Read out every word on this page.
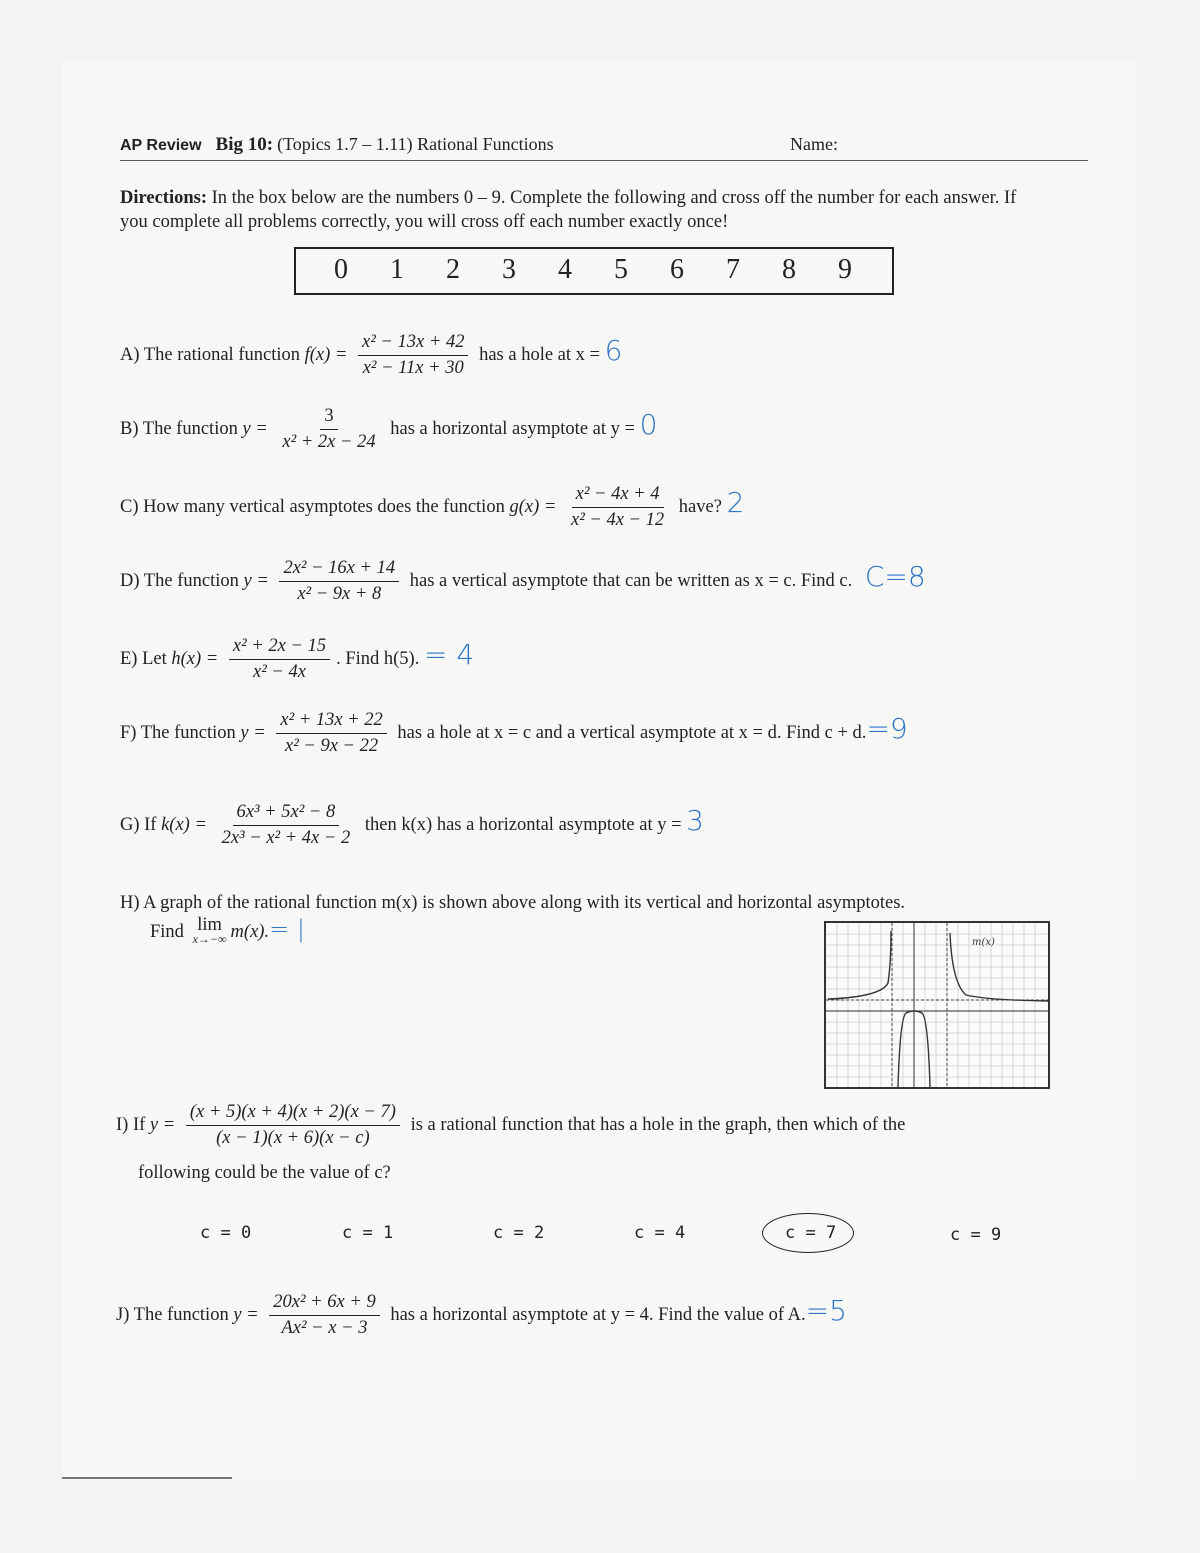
AP Review Big 10: (Topics 1.7 – 1.11) Rational Functions	Name:
Directions: In the box below are the numbers 0 – 9. Complete the following and cross off the number for each answer. If you complete all problems correctly, you will cross off each number exactly once!
0 1 2 3 4 5 6 7 8 9
A) The rational function $f(x) = \frac{\text{x² − 13x + 42}}{\text{x² − 11x + 30}}$ has a hole at x = 6
B) The function $y = \frac{3}{\text{x² + 2x − 24}}$ has a horizontal asymptote at y = 0
C) How many vertical asymptotes does the function $g(x) = \frac{\text{x² − 4x + 4}}{\text{x² − 4x − 12}}$ have? 2
D) The function $y = \frac{\text{2x² − 16x + 14}}{\text{x² − 9x + 8}}$ has a vertical asymptote that can be written as x = c. Find c. C=8
E) Let $h(x) = \frac{\text{x² + 2x − 15}}{\text{x² − 4x}}$ . Find h(5). = 4
F) The function $y = \frac{\text{x² + 13x + 22}}{\text{x² − 9x − 22}}$ has a hole at x = c and a vertical asymptote at x = d. Find c + d.=9
G) If $k(x) = \frac{\text{6x³ + 5x² − 8}}{\text{2x³ − x² + 4x − 2}}$ then k(x) has a horizontal asymptote at y = 3
H) A graph of the rational function m(x) is shown above along with its vertical and horizontal asymptotes.
Find lim
x→−∞ m(x).= |	m(x)
I) If $y = \frac{(x + 5)(x + 4)(x + 2)(x - 7)}{(x - 1)(x + 6)(x - c)}$ is a rational function that has a hole in the graph, then which of the
following could be the value of c?
c = 0	c = 1	c = 2	c = 4	c = 7	c = 9
J) The function $y = \frac{\text{20x² + 6x + 9}}{\text{Ax² − x − 3}}$ has a horizontal asymptote at y = 4. Find the value of A.=5
